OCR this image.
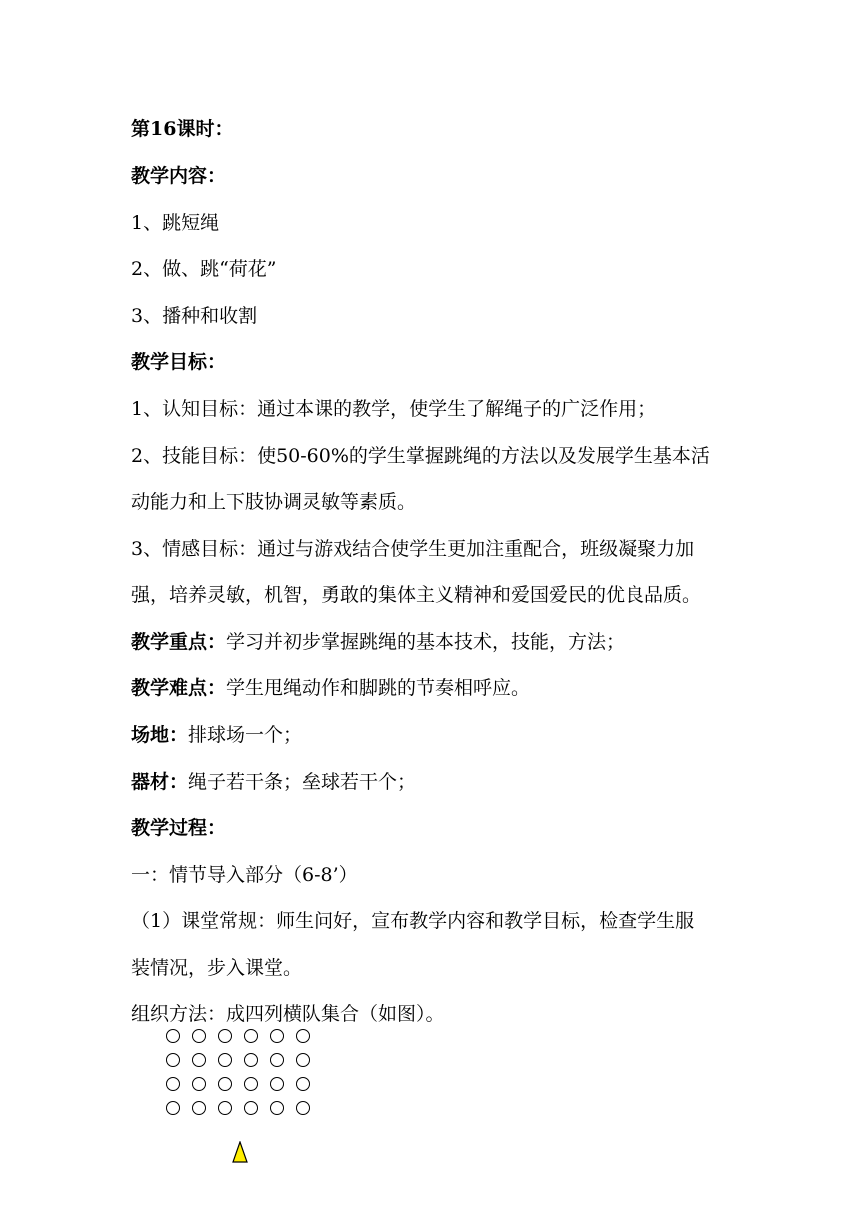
第16课时：
教学内容：
1、跳短绳
2、做、跳“荷花”
3、播种和收割
教学目标：
1、认知目标：通过本课的教学，使学生了解绳子的广泛作用；
2、技能目标：使50-60%的学生掌握跳绳的方法以及发展学生基本活
动能力和上下肢协调灵敏等素质。
3、情感目标：通过与游戏结合使学生更加注重配合，班级凝聚力加
强，培养灵敏，机智，勇敢的集体主义精神和爱国爱民的优良品质。
教学重点：学习并初步掌握跳绳的基本技术，技能，方法；
教学难点：学生甩绳动作和脚跳的节奏相呼应。
场地：排球场一个；
器材：绳子若干条；垒球若干个；
教学过程：
一：情节导入部分（6-8’）
（1）课堂常规：师生问好，宣布教学内容和教学目标，检查学生服
装情况，步入课堂。
组织方法：成四列横队集合（如图）。
